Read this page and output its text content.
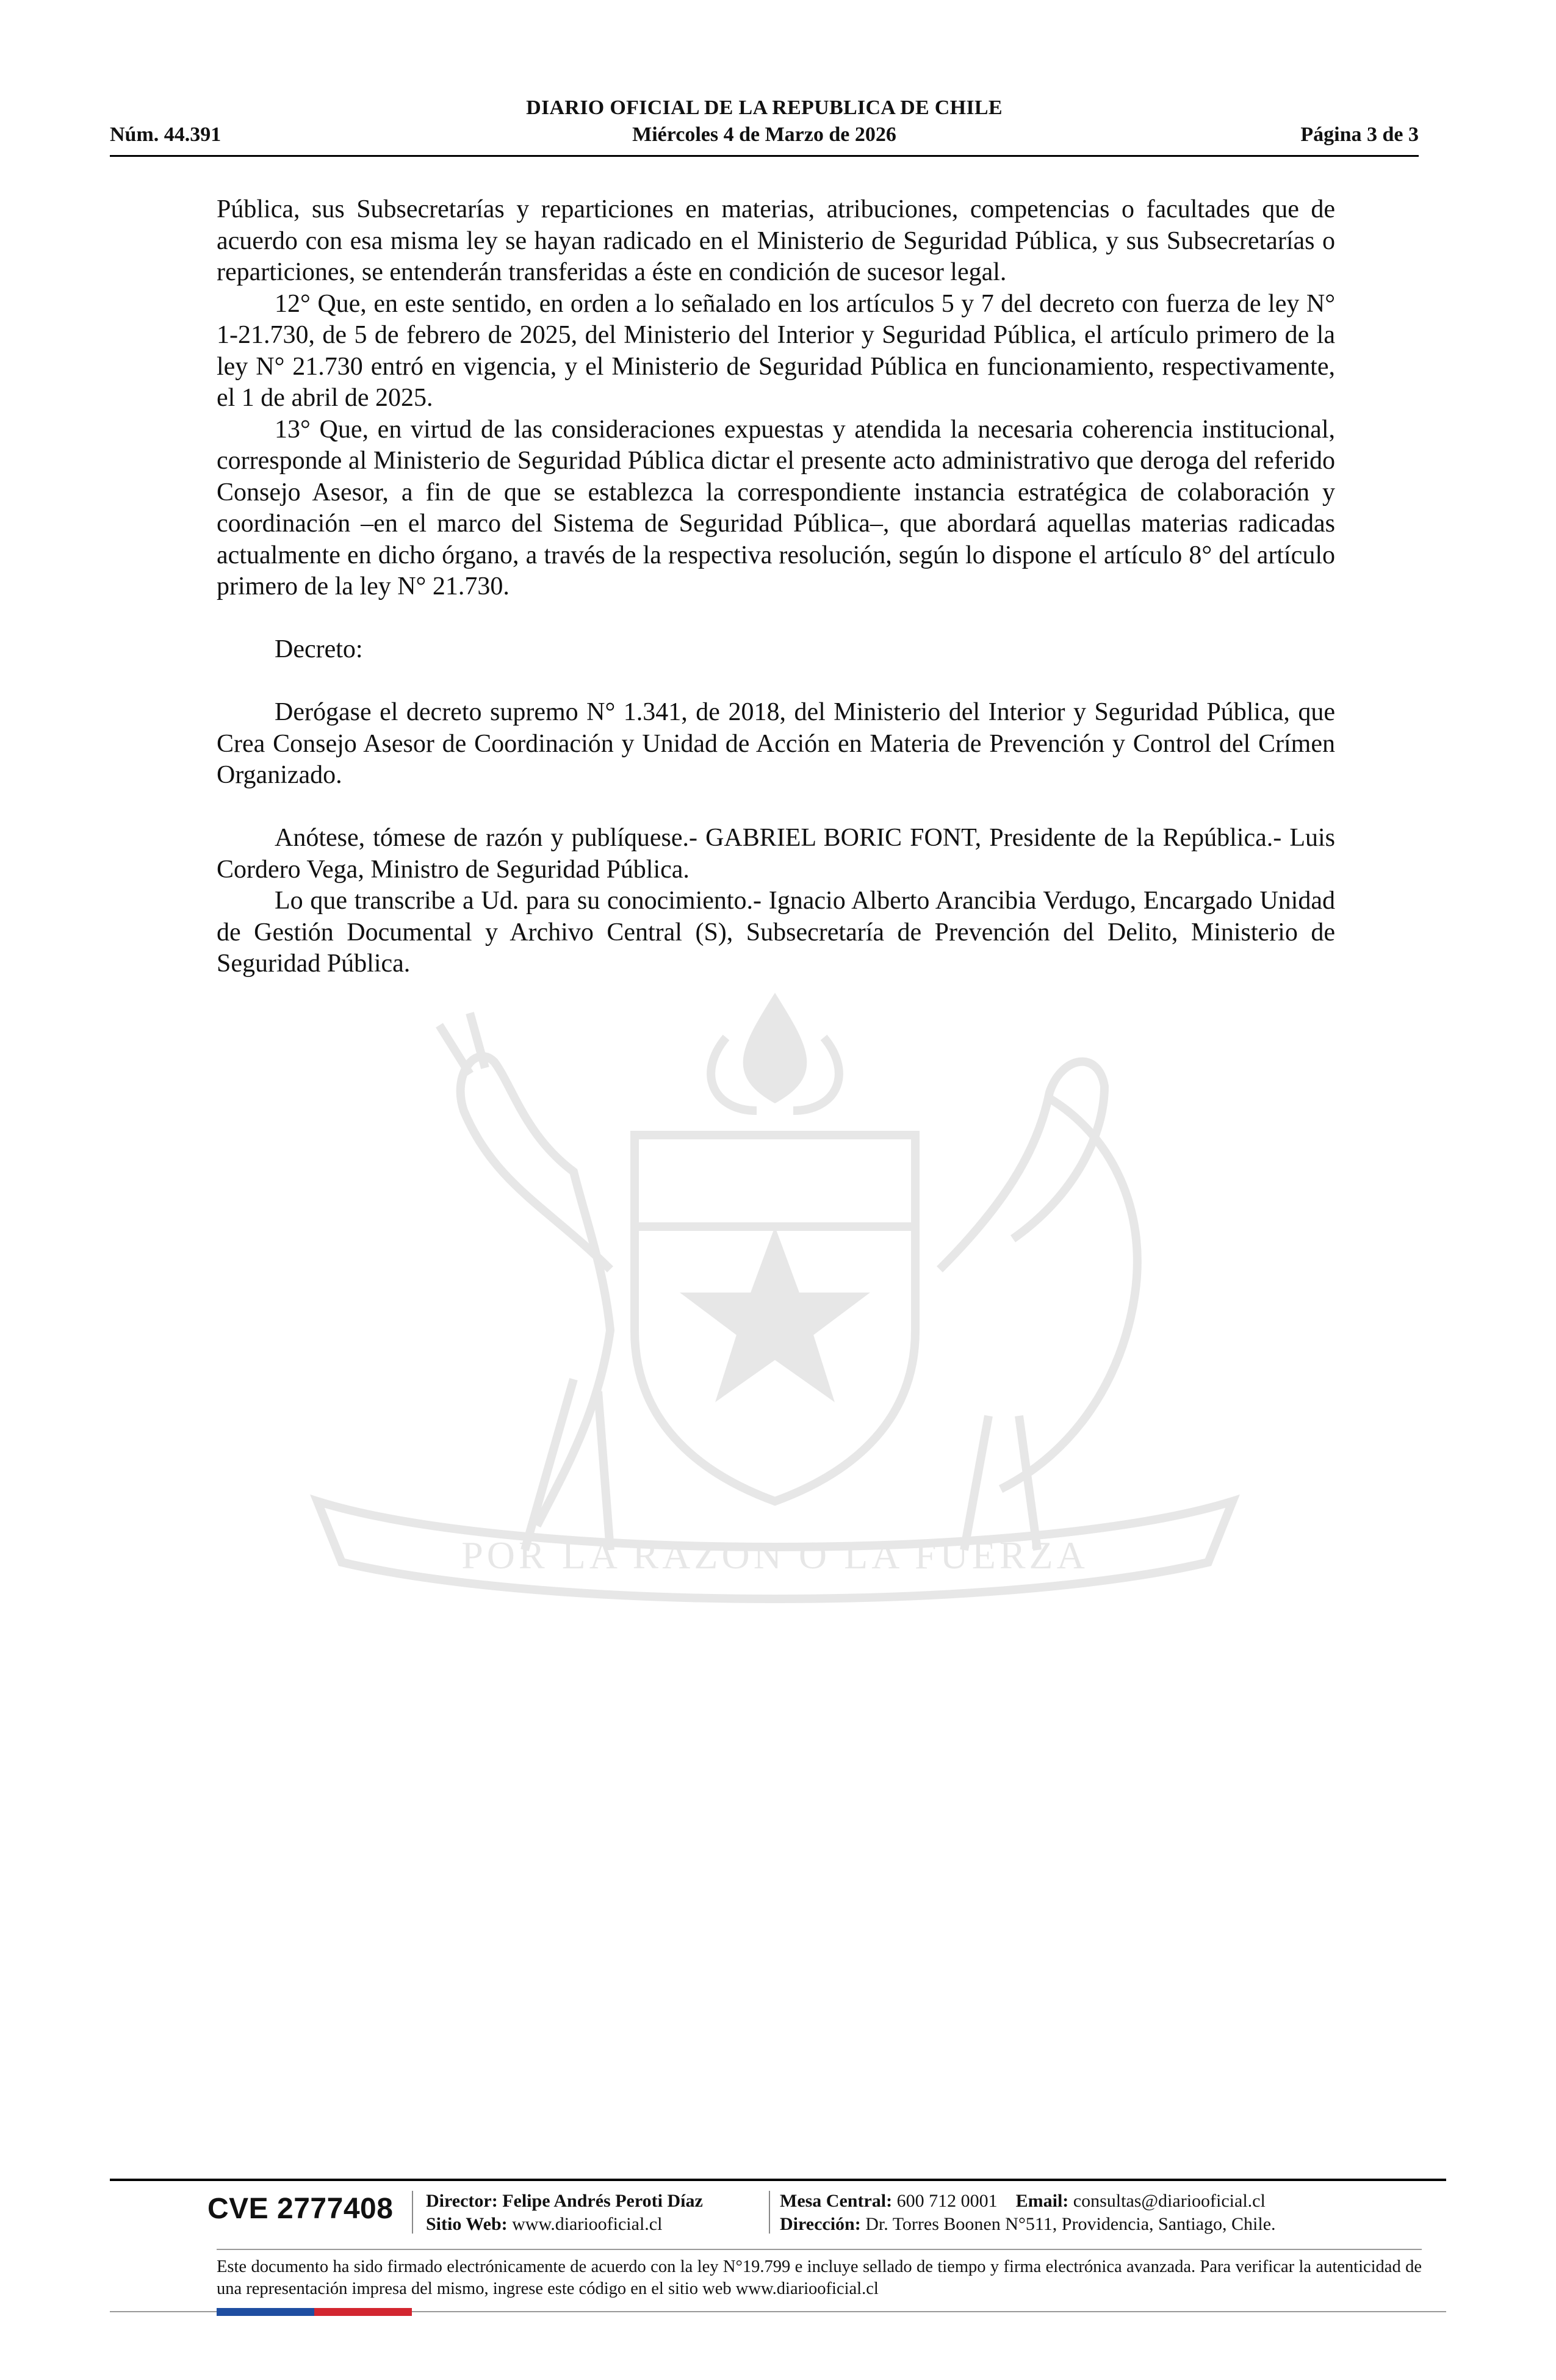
DIARIO OFICIAL DE LA REPUBLICA DE CHILE
Núm. 44.391	Miércoles 4 de Marzo de 2026	Página 3 de 3
POR LA RAZON O LA FUERZA

Pública, sus Subsecretarías y reparticiones en materias, atribuciones, competencias o facultades que de acuerdo con esa misma ley se hayan radicado en el Ministerio de Seguridad Pública, y sus Subsecretarías o reparticiones, se entenderán transferidas a éste en condición de sucesor legal.

12° Que, en este sentido, en orden a lo señalado en los artículos 5 y 7 del decreto con fuerza de ley N° 1-21.730, de 5 de febrero de 2025, del Ministerio del Interior y Seguridad Pública, el artículo primero de la ley N° 21.730 entró en vigencia, y el Ministerio de Seguridad Pública en funcionamiento, respectivamente, el 1 de abril de 2025.

13° Que, en virtud de las consideraciones expuestas y atendida la necesaria coherencia institucional, corresponde al Ministerio de Seguridad Pública dictar el presente acto administrativo que deroga del referido Consejo Asesor, a fin de que se establezca la correspondiente instancia estratégica de colaboración y coordinación –en el marco del Sistema de Seguridad Pública–, que abordará aquellas materias radicadas actualmente en dicho órgano, a través de la respectiva resolución, según lo dispone el artículo 8° del artículo primero de la ley N° 21.730.

Decreto:

Derógase el decreto supremo N° 1.341, de 2018, del Ministerio del Interior y Seguridad Pública, que Crea Consejo Asesor de Coordinación y Unidad de Acción en Materia de Prevención y Control del Crímen Organizado.

Anótese, tómese de razón y publíquese.- GABRIEL BORIC FONT, Presidente de la República.- Luis Cordero Vega, Ministro de Seguridad Pública.

Lo que transcribe a Ud. para su conocimiento.- Ignacio Alberto Arancibia Verdugo, Encargado Unidad de Gestión Documental y Archivo Central (S), Subsecretaría de Prevención del Delito, Ministerio de Seguridad Pública.

CVE 2777408 Director: Felipe Andrés Peroti Díaz
Sitio Web: www.diariooficial.cl
Mesa Central: 600 712 0001 Email: consultas@diariooficial.cl
Dirección: Dr. Torres Boonen N°511, Providencia, Santiago, Chile.
Este documento ha sido firmado electrónicamente de acuerdo con la ley N°19.799 e incluye sellado de tiempo y firma electrónica avanzada. Para verificar la autenticidad de una representación impresa del mismo, ingrese este código en el sitio web www.diariooficial.cl
